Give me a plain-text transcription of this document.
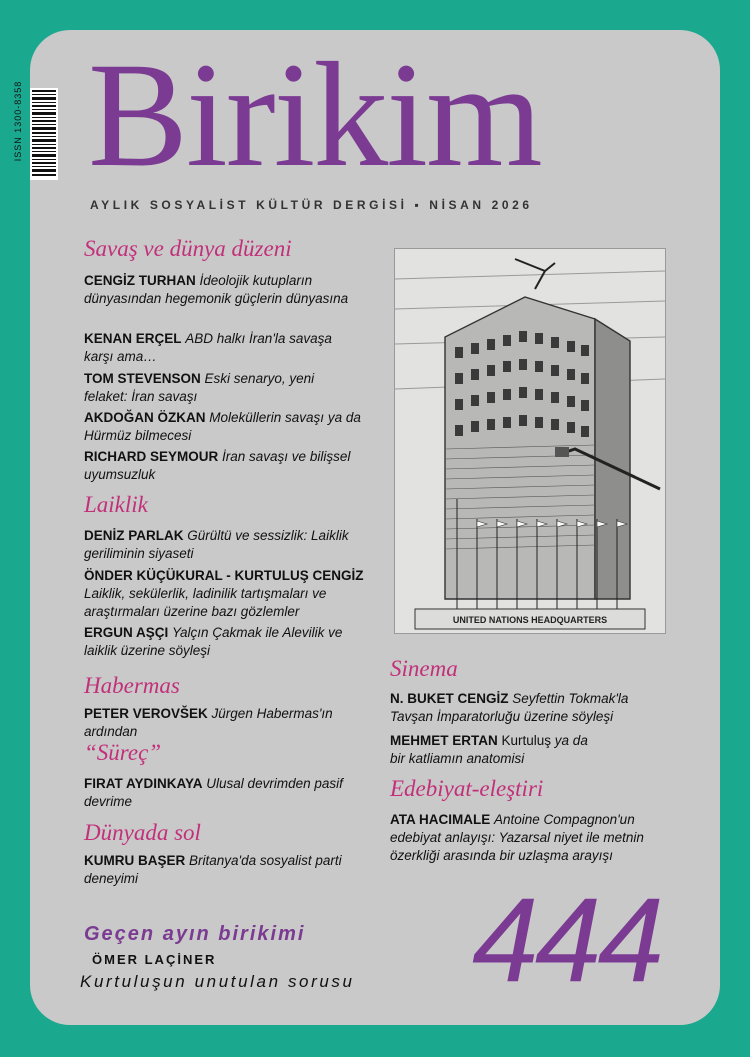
ISSN 1300-8358 Birikim
AYLIK SOSYALİST KÜLTÜR DERGİSİ ▪ NİSAN 2026
Savaş ve dünya düzeni
CENGİZ TURHAN İdeolojik kutupların dünyasından hegemonik güçlerin dünyasına
KENAN ERÇEL ABD halkı İran'la savaşa karşı ama…
TOM STEVENSON Eski senaryo, yeni felaket: İran savaşı
AKDOĞAN ÖZKAN Moleküllerin savaşı ya da Hürmüz bilmecesi
RICHARD SEYMOUR İran savaşı ve bilişsel uyumsuzluk
Laiklik
DENİZ PARLAK Gürültü ve sessizlik: Laiklik geriliminin siyaseti
ÖNDER KÜÇÜKURAL - KURTULUŞ CENGİZ
Laiklik, sekülerlik, ladinilik tartışmaları ve araştırmaları üzerine bazı gözlemler
ERGUN AŞÇI Yalçın Çakmak ile Alevilik ve laiklik üzerine söyleşi
Habermas
PETER VEROVŠEK Jürgen Habermas'ın ardından
“Süreç”
FIRAT AYDINKAYA Ulusal devrimden pasif devrime
Dünyada sol
KUMRU BAŞER Britanya'da sosyalist parti deneyimi
UNITED NATIONS HEADQUARTERS
Sinema
N. BUKET CENGİZ Seyfettin Tokmak'la
Tavşan İmparatorluğu üzerine söyleşi
MEHMET ERTAN Kurtuluş ya da
bir katliamın anatomisi
Edebiyat-eleştiri
ATA HACIMALE Antoine Compagnon'un edebiyat anlayışı: Yazarsal niyet ile metnin özerkliği arasında bir uzlaşma arayışı
Geçen ayın birikimi
ÖMER LAÇİNER
Kurtuluşun unutulan sorusu 444
